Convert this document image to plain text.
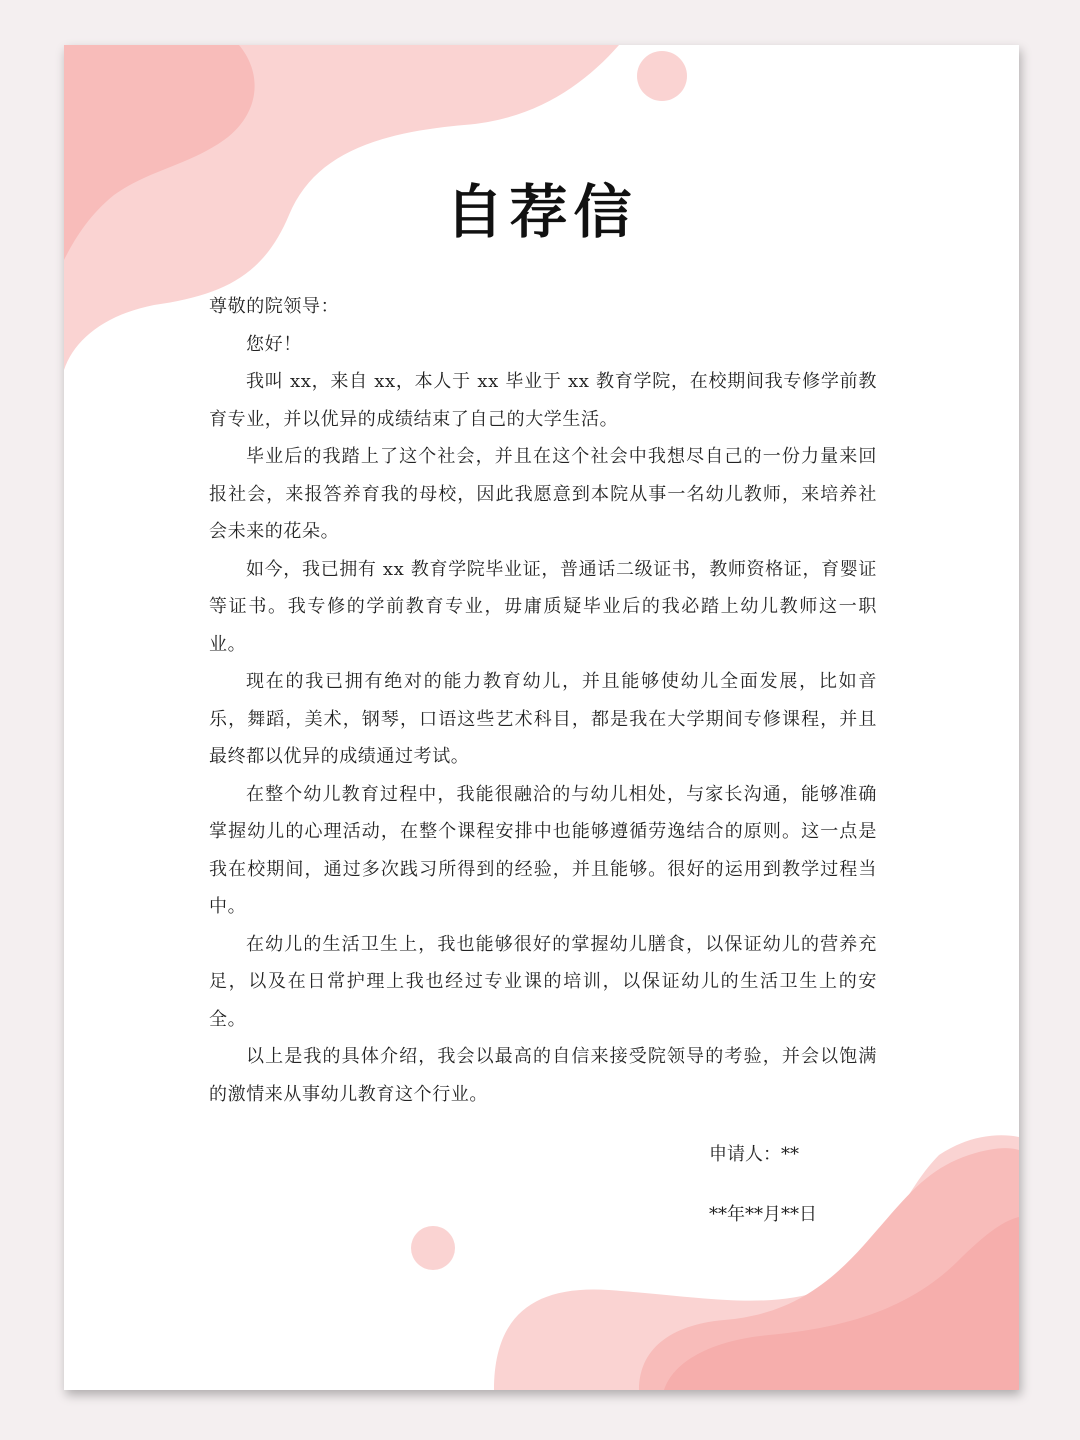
自荐信

尊敬的院领导：

您好！

我叫 xx，来自 xx，本人于 xx 毕业于 xx 教育学院，在校期间我专修学前教育专业，并以优异的成绩结束了自己的大学生活。

毕业后的我踏上了这个社会，并且在这个社会中我想尽自己的一份力量来回报社会，来报答养育我的母校，因此我愿意到本院从事一名幼儿教师，来培养社会未来的花朵。

如今，我已拥有 xx 教育学院毕业证，普通话二级证书，教师资格证，育婴证等证书。我专修的学前教育专业，毋庸质疑毕业后的我必踏上幼儿教师这一职业。

现在的我已拥有绝对的能力教育幼儿，并且能够使幼儿全面发展，比如音乐，舞蹈，美术，钢琴，口语这些艺术科目，都是我在大学期间专修课程，并且最终都以优异的成绩通过考试。

在整个幼儿教育过程中，我能很融洽的与幼儿相处，与家长沟通，能够准确掌握幼儿的心理活动，在整个课程安排中也能够遵循劳逸结合的原则。这一点是我在校期间，通过多次践习所得到的经验，并且能够。很好的运用到教学过程当中。

在幼儿的生活卫生上，我也能够很好的掌握幼儿膳食，以保证幼儿的营养充足，以及在日常护理上我也经过专业课的培训，以保证幼儿的生活卫生上的安全。

以上是我的具体介绍，我会以最高的自信来接受院领导的考验，并会以饱满的激情来从事幼儿教育这个行业。

申请人：**
**年**月**日
